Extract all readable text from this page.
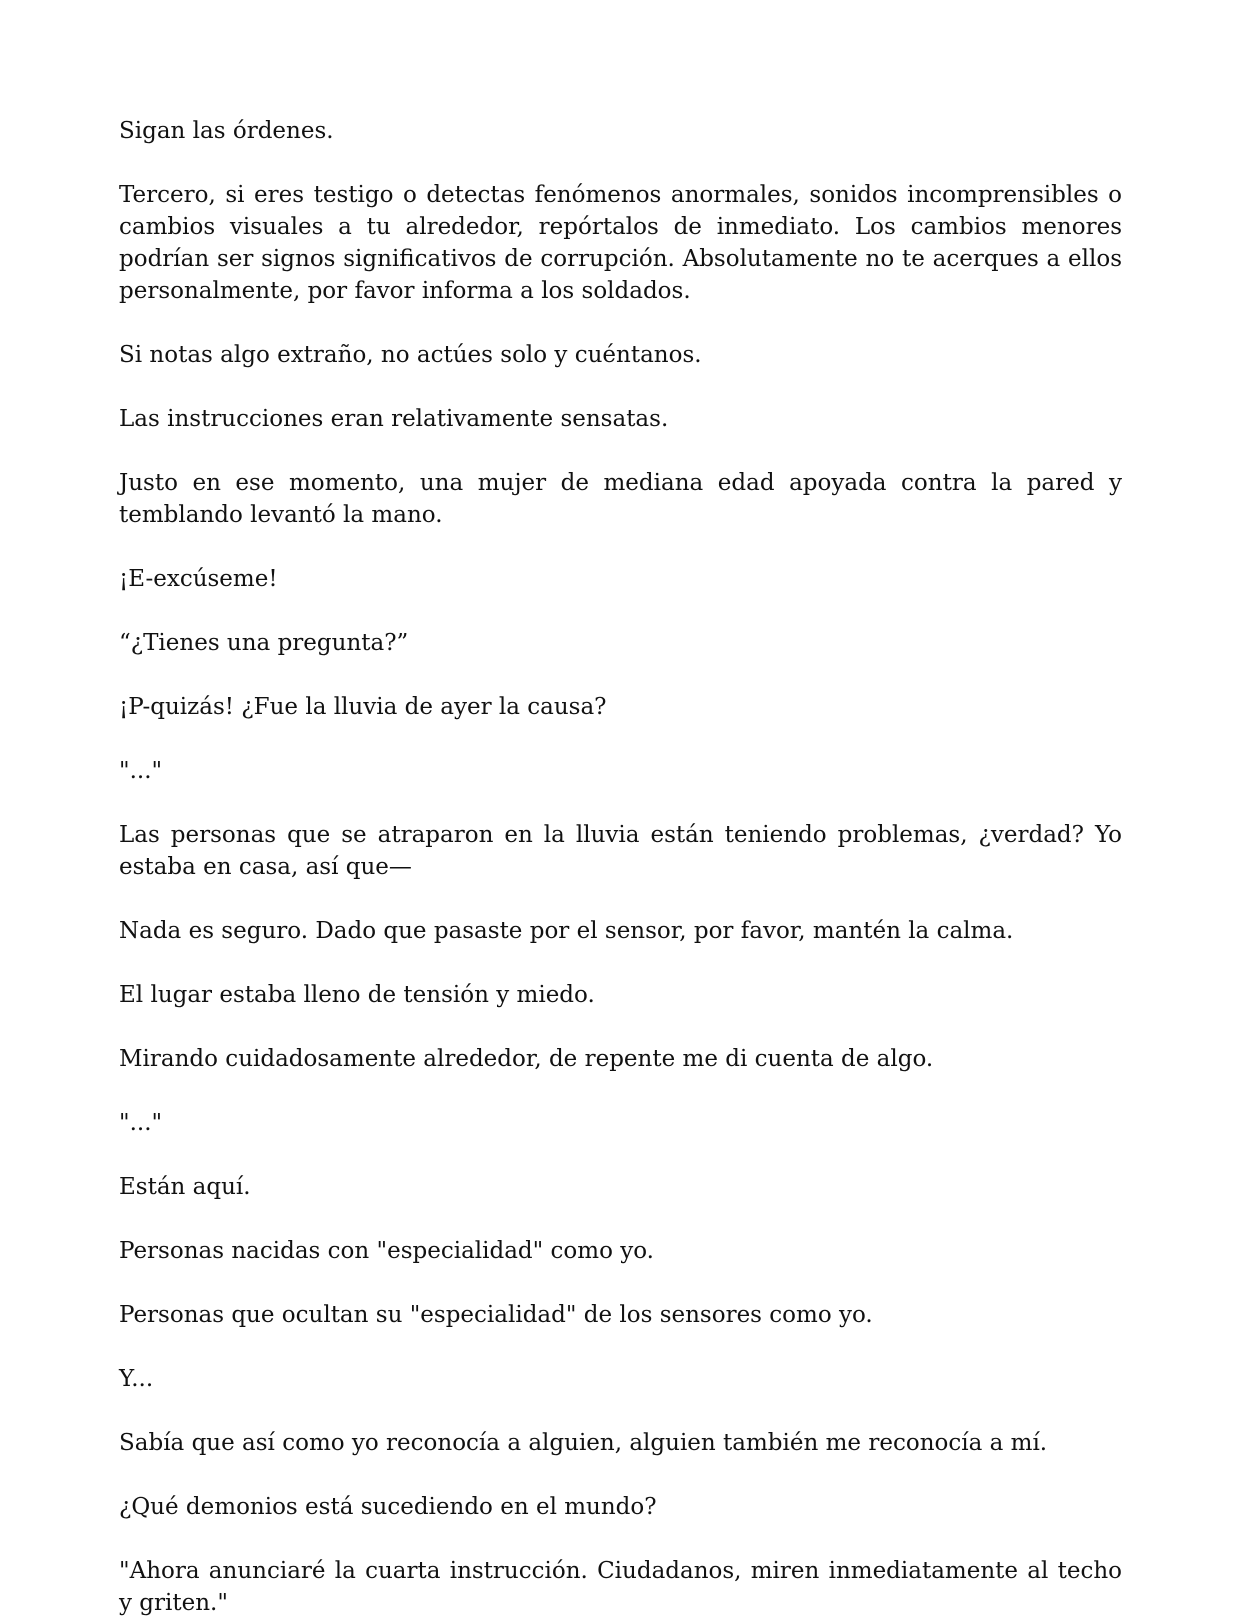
Sigan las órdenes.

Tercero, si eres testigo o detectas fenómenos anormales, sonidos incomprensibles o cambios visuales a tu alrededor, repórtalos de inmediato. Los cambios menores podrían ser signos significativos de corrupción. Absolutamente no te acerques a ellos personalmente, por favor informa a los soldados.

Si notas algo extraño, no actúes solo y cuéntanos.

Las instrucciones eran relativamente sensatas.

Justo en ese momento, una mujer de mediana edad apoyada contra la pared y temblando levantó la mano.

¡E-excúseme!

“¿Tienes una pregunta?”

¡P-quizás! ¿Fue la lluvia de ayer la causa?

"..."

Las personas que se atraparon en la lluvia están teniendo problemas, ¿verdad? Yo estaba en casa, así que—

Nada es seguro. Dado que pasaste por el sensor, por favor, mantén la calma.

El lugar estaba lleno de tensión y miedo.

Mirando cuidadosamente alrededor, de repente me di cuenta de algo.

"..."

Están aquí.

Personas nacidas con "especialidad" como yo.

Personas que ocultan su "especialidad" de los sensores como yo.

Y...

Sabía que así como yo reconocía a alguien, alguien también me reconocía a mí.

¿Qué demonios está sucediendo en el mundo?

"Ahora anunciaré la cuarta instrucción. Ciudadanos, miren inmediatamente al techo y griten."
